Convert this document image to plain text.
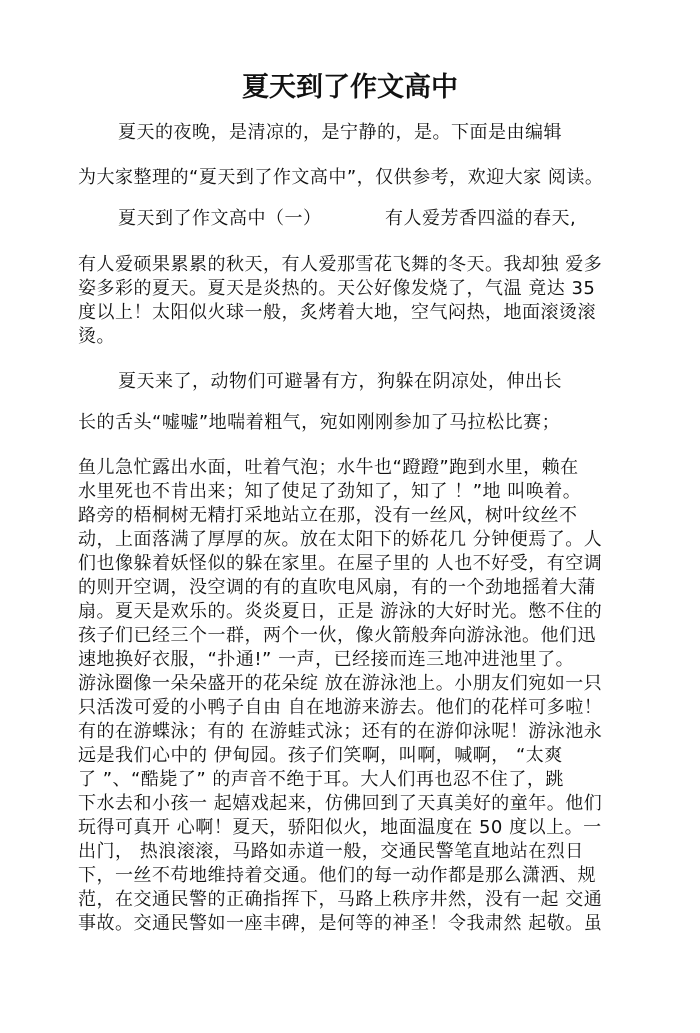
夏天到了作文高中
夏天的夜晚，是清凉的，是宁静的，是。下面是由编辑
为大家整理的“夏天到了作文高中”，仅供参考，欢迎大家 阅读。
夏天到了作文高中（一）	有人爱芳香四溢的春天,
有人爱硕果累累的秋天，有人爱那雪花飞舞的冬天。我却独 爱多
姿多彩的夏天。夏天是炎热的。天公好像发烧了，气温 竟达 35
度以上！太阳似火球一般，炙烤着大地，空气闷热，地面滚烫滚
烫。
夏天来了，动物们可避暑有方，狗躲在阴凉处，伸出长
长的舌头“嘘嘘”地喘着粗气，宛如刚刚参加了马拉松比赛；
鱼儿急忙露出水面，吐着气泡；水牛也“蹬蹬”跑到水里，赖在
水里死也不肯出来；知了使足了劲知了，知了 ！”地 叫唤着。
路旁的梧桐树无精打采地站立在那，没有一丝风，树叶纹丝不
动，上面落满了厚厚的灰。放在太阳下的娇花几 分钟便焉了。人
们也像躲着妖怪似的躲在家里。在屋子里的 人也不好受，有空调
的则开空调，没空调的有的直吹电风扇，有的一个劲地摇着大蒲
扇。夏天是欢乐的。炎炎夏日，正是 游泳的大好时光。憋不住的
孩子们已经三个一群，两个一伙，像火箭般奔向游泳池。他们迅
速地换好衣服，“扑通!” 一声，已经接而连三地冲进池里了。
游泳圈像一朵朵盛开的花朵绽 放在游泳池上。小朋友们宛如一只
只活泼可爱的小鸭子自由 自在地游来游去。他们的花样可多啦！
有的在游蝶泳；有的 在游蛙式泳；还有的在游仰泳呢！游泳池永
远是我们心中的 伊甸园。孩子们笑啊，叫啊，喊啊， “太爽
了 ”、“酷毙了” 的声音不绝于耳。大人们再也忍不住了，跳
下水去和小孩一 起嬉戏起来，仿佛回到了天真美好的童年。他们
玩得可真开 心啊！夏天，骄阳似火，地面温度在 50 度以上。一
出门， 热浪滚滚，马路如赤道一般，交通民警笔直地站在烈日
下，一丝不苟地维持着交通。他们的每一动作都是那么潇洒、规
范，在交通民警的正确指挥下，马路上秩序井然，没有一起 交通
事故。交通民警如一座丰碑，是何等的神圣！令我肃然 起敬。虽
